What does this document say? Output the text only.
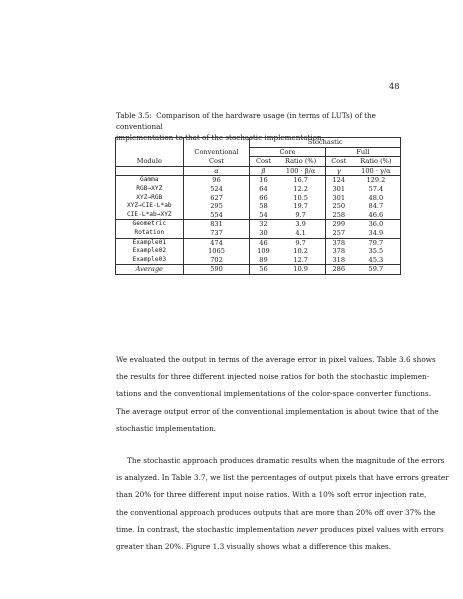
48
Table 3.5: Comparison of the hardware usage (in terms of LUTs) of the conventional
implementation to that of the stochastic implementation.
		Stochastic			
	Conventional	Core		Full	
Module	Cost	Cost	Ratio (%)	Cost	Ratio (%)
	α	β	100 · β/α	γ	100 · γ/α
Gamma	96	16	16.7	124	129.2
RGB→XYZ	524	64	12.2	301	57.4
XYZ→RGB	627	66	10.5	301	48.0
XYZ→CIE-L*ab	295	58	19.7	250	84.7
CIE-L*ab→XYZ	554	54	9.7	258	46.6
Geometric	831	32	3.9	299	36.0
Rotation	737	30	4.1	257	34.9
Example01	474	46	9.7	378	79.7
Example02	1065	109	10.2	378	35.5
Example03	702	89	12.7	318	45.3
Average	590	56	10.9	286	59.7
We evaluated the output in terms of the average error in pixel values. Table 3.6 shows
the results for three different injected noise ratios for both the stochastic implemen-
tations and the conventional implementations of the color-space converter functions.
The average output error of the conventional implementation is about twice that of the
stochastic implementation.
The stochastic approach produces dramatic results when the magnitude of the errors
is analyzed. In Table 3.7, we list the percentages of output pixels that have errors greater
than 20% for three different input noise ratios. With a 10% soft error injection rate,
the conventional approach produces outputs that are more than 20% off over 37% the
time. In contrast, the stochastic implementation never produces pixel values with errors
greater than 20%. Figure 1.3 visually shows what a difference this makes.
